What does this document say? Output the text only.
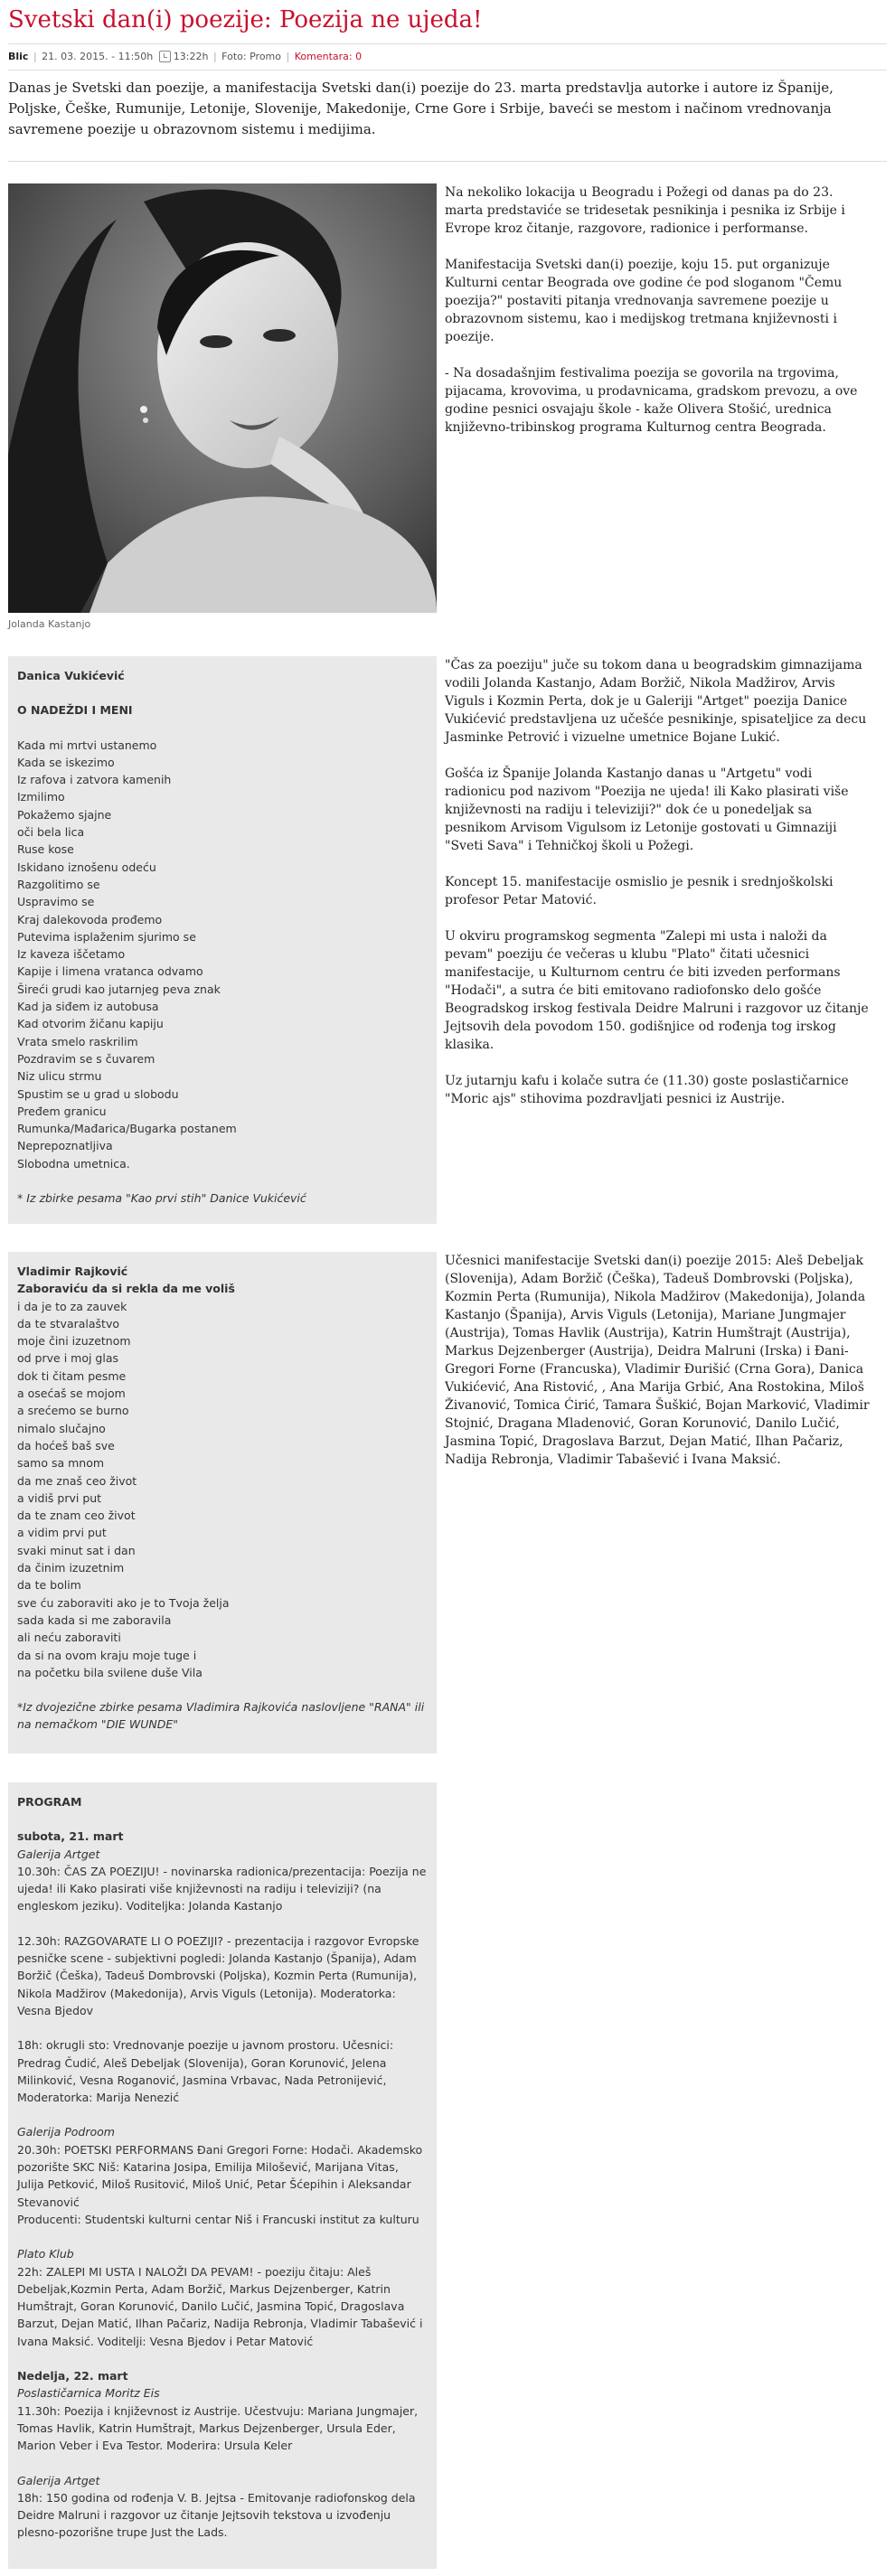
Svetski dan(i) poezije: Poezija ne ujeda!
Blic | 21. 03. 2015. - 11:50h 13:22h | Foto: Promo | Komentara: 0

Danas je Svetski dan poezije, a manifestacija Svetski dan(i) poezije do 23. marta predstavlja autorke i autore iz Španije, Poljske, Češke, Rumunije, Letonije, Slovenije, Makedonije, Crne Gore i Srbije, baveći se mestom i načinom vrednovanja savremene poezije u obrazovnom sistemu i medijima.

Jolanda Kastanjo

Na nekoliko lokacija u Beogradu i Požegi od danas pa do 23. marta predstaviće se tridesetak pesnikinja i pesnika iz Srbije i Evrope kroz čitanje, razgovore, radionice i performanse.

Manifestacija Svetski dan(i) poezije, koju 15. put organizuje Kulturni centar Beograda ove godine će pod sloganom "Čemu poezija?" postaviti pitanja vrednovanja savremene poezije u obrazovnom sistemu, kao i medijskog tretmana književnosti i poezije.

- Na dosadašnjim festivalima poezija se govorila na trgovima, pijacama, krovovima, u prodavnicama, gradskom prevozu, a ove godine pesnici osvajaju škole - kaže Olivera Stošić, urednica književno-tribinskog programa Kulturnog centra Beograda.

Danica Vukićević
O NADEŽDI I MENI
Kada mi mrtvi ustanemo
Kada se iskezimo
Iz rafova i zatvora kamenih
Izmilimo
Pokažemo sjajne
oči bela lica
Ruse kose
Iskidano iznošenu odeću
Razgolitimo se
Uspravimo se
Kraj dalekovoda prođemo
Putevima isplaženim sjurimo se
Iz kaveza iščetamo
Kapije i limena vratanca odvamo
Šireći grudi kao jutarnjeg peva znak
Kad ja siđem iz autobusa
Kad otvorim žičanu kapiju
Vrata smelo raskrilim
Pozdravim se s čuvarem
Niz ulicu strmu
Spustim se u grad u slobodu
Pređem granicu
Rumunka/Mađarica/Bugarka postanem
Neprepoznatljiva
Slobodna umetnica.
* Iz zbirke pesama "Kao prvi stih" Danice Vukićević

"Čas za poeziju" juče su tokom dana u beogradskim gimnazijama vodili Jolanda Kastanjo, Adam Boržič, Nikola Madžirov, Arvis Viguls i Kozmin Perta, dok je u Galeriji "Artget" poezija Danice Vukićević predstavljena uz učešće pesnikinje, spisateljice za decu Jasminke Petrović i vizuelne umetnice Bojane Lukić.

Gošća iz Španije Jolanda Kastanjo danas u "Artgetu" vodi radionicu pod nazivom "Poezija ne ujeda! ili Kako plasirati više književnosti na radiju i televiziji?" dok će u ponedeljak sa pesnikom Arvisom Vigulsom iz Letonije gostovati u Gimnaziji "Sveti Sava" i Tehničkoj školi u Požegi.

Koncept 15. manifestacije osmislio je pesnik i srednjoškolski profesor Petar Matović.

U okviru programskog segmenta "Zalepi mi usta i naloži da pevam" poeziju će večeras u klubu "Plato" čitati učesnici manifestacije, u Kulturnom centru će biti izveden performans "Hodači", a sutra će biti emitovano radiofonsko delo gošće Beogradskog irskog festivala Deidre Malruni i razgovor uz čitanje Jejtsovih dela povodom 150. godišnjice od rođenja tog irskog klasika.

Uz jutarnju kafu i kolače sutra će (11.30) goste poslastičarnice "Moric ajs" stihovima pozdravljati pesnici iz Austrije.

Vladimir Rajković
Zaboraviću da si rekla da me voliš
i da je to za zauvek
da te stvaralaštvo
moje čini izuzetnom
od prve i moj glas
dok ti čitam pesme
a osećaš se mojom
a srećemo se burno
nimalo slučajno
da hoćeš baš sve
samo sa mnom
da me znaš ceo život
a vidiš prvi put
da te znam ceo život
a vidim prvi put
svaki minut sat i dan
da činim izuzetnim
da te bolim
sve ću zaboraviti ako je to Tvoja želja
sada kada si me zaboravila
ali neću zaboraviti
da si na ovom kraju moje tuge i
na početku bila svilene duše Vila
*Iz dvojezične zbirke pesama Vladimira Rajkovića naslovljene "RANA" ili na nemačkom "DIE WUNDE"

Učesnici manifestacije Svetski dan(i) poezije 2015: Aleš Debeljak (Slovenija), Adam Boržič (Češka), Tadeuš Dombrovski (Poljska), Kozmin Perta (Rumunija), Nikola Madžirov (Makedonija), Jolanda Kastanjo (Španija), Arvis Viguls (Letonija), Mariane Jungmajer (Austrija), Tomas Havlik (Austrija), Katrin Humštrajt (Austrija), Markus Dejzenberger (Austrija), Deidra Malruni (Irska) i Đani-Gregori Forne (Francuska), Vladimir Đurišić (Crna Gora), Danica Vukićević, Ana Ristović, , Ana Marija Grbić, Ana Rostokina, Miloš Živanović, Tomica Ćirić, Tamara Šuškić, Bojan Marković, Vladimir Stojnić, Dragana Mladenović, Goran Korunović, Danilo Lučić, Jasmina Topić, Dragoslava Barzut, Dejan Matić, Ilhan Pačariz, Nadija Rebronja, Vladimir Tabašević i Ivana Maksić.

PROGRAM
subota, 21. mart
Galerija Artget
10.30h: ČAS ZA POEZIJU! - novinarska radionica/prezentacija: Poezija ne ujeda! ili Kako plasirati više književnosti na radiju i televiziji? (na engleskom jeziku). Voditeljka: Jolanda Kastanjo
12.30h: RAZGOVARATE LI O POEZIJI? - prezentacija i razgovor Evropske pesničke scene - subjektivni pogledi: Jolanda Kastanjo (Španija), Adam Boržič (Češka), Tadeuš Dombrovski (Poljska), Kozmin Perta (Rumunija), Nikola Madžirov (Makedonija), Arvis Viguls (Letonija). Moderatorka: Vesna Bjedov
18h: okrugli sto: Vrednovanje poezije u javnom prostoru. Učesnici: Predrag Čudić, Aleš Debeljak (Slovenija), Goran Korunović, Jelena Milinković, Vesna Roganović, Jasmina Vrbavac, Nada Petronijević, Moderatorka: Marija Nenezić
Galerija Podroom
20.30h: POETSKI PERFORMANS Đani Gregori Forne: Hodači. Akademsko pozorište SKC Niš: Katarina Josipa, Emilija Milošević, Marijana Vitas, Julija Petković, Miloš Rusitović, Miloš Unić, Petar Šćepihin i Aleksandar Stevanović
Producenti: Studentski kulturni centar Niš i Francuski institut za kulturu
Plato Klub
22h: ZALEPI MI USTA I NALOŽI DA PEVAM! - poeziju čitaju: Aleš Debeljak,Kozmin Perta, Adam Boržič, Markus Dejzenberger, Katrin Humštrajt, Goran Korunović, Danilo Lučić, Jasmina Topić, Dragoslava Barzut, Dejan Matić, Ilhan Pačariz, Nadija Rebronja, Vladimir Tabašević i Ivana Maksić. Voditelji: Vesna Bjedov i Petar Matović
Nedelja, 22. mart
Poslastičarnica Moritz Eis
11.30h: Poezija i književnost iz Austrije. Učestvuju: Mariana Jungmajer, Tomas Havlik, Katrin Humštrajt, Markus Dejzenberger, Ursula Eder, Marion Veber i Eva Testor. Moderira: Ursula Keler
Galerija Artget
18h: 150 godina od rođenja V. B. Jejtsa - Emitovanje radiofonskog dela Deidre Malruni i razgovor uz čitanje Jejtsovih tekstova u izvođenju plesno-pozorišne trupe Just the Lads.
